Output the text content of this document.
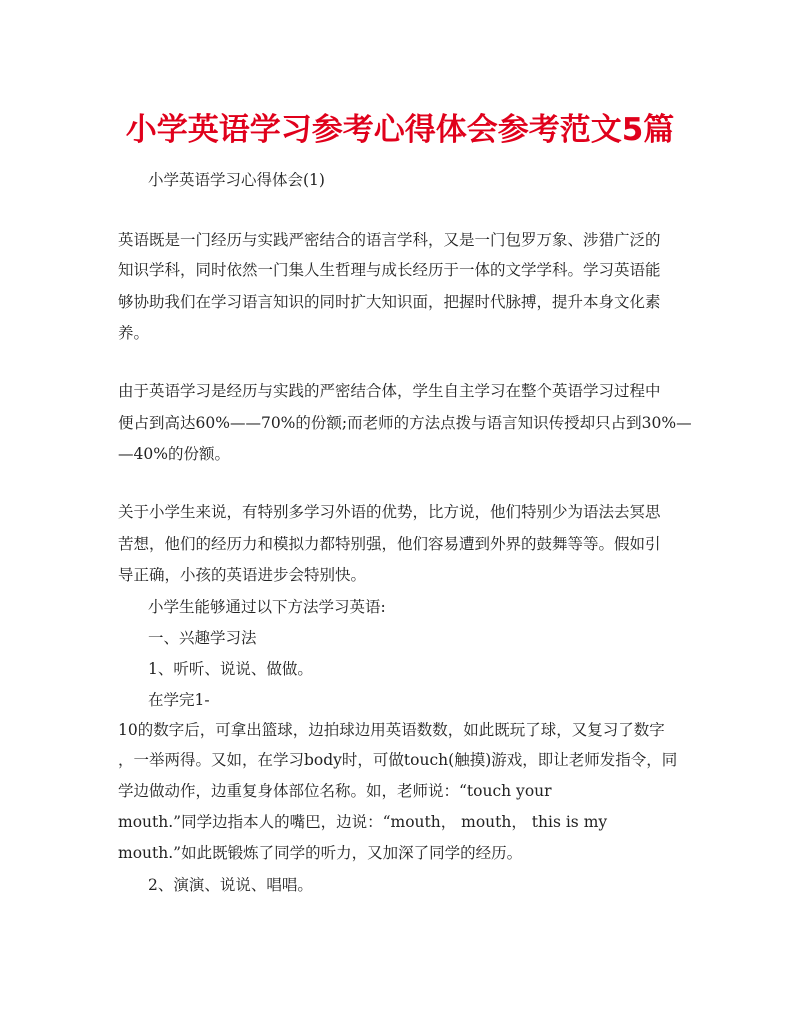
小学英语学习参考心得体会参考范文5篇
小学英语学习心得体会(1)
英语既是一门经历与实践严密结合的语言学科，又是一门包罗万象、涉猎广泛的
知识学科，同时依然一门集人生哲理与成长经历于一体的文学学科。学习英语能
够协助我们在学习语言知识的同时扩大知识面，把握时代脉搏，提升本身文化素
养。
由于英语学习是经历与实践的严密结合体，学生自主学习在整个英语学习过程中
便占到高达60%——70%的份额;而老师的方法点拨与语言知识传授却只占到30%—
—40%的份额。
关于小学生来说，有特别多学习外语的优势，比方说，他们特别少为语法去冥思
苦想，他们的经历力和模拟力都特别强，他们容易遭到外界的鼓舞等等。假如引
导正确，小孩的英语进步会特别快。
小学生能够通过以下方法学习英语:
一、兴趣学习法
1、听听、说说、做做。
在学完1-
10的数字后，可拿出篮球，边拍球边用英语数数，如此既玩了球，又复习了数字
，一举两得。又如，在学习body时，可做touch(触摸)游戏，即让老师发指令，同
学边做动作，边重复身体部位名称。如，老师说：“touch your
mouth.”同学边指本人的嘴巴，边说：“mouth， mouth， this is my
mouth.”如此既锻炼了同学的听力，又加深了同学的经历。
2、演演、说说、唱唱。
